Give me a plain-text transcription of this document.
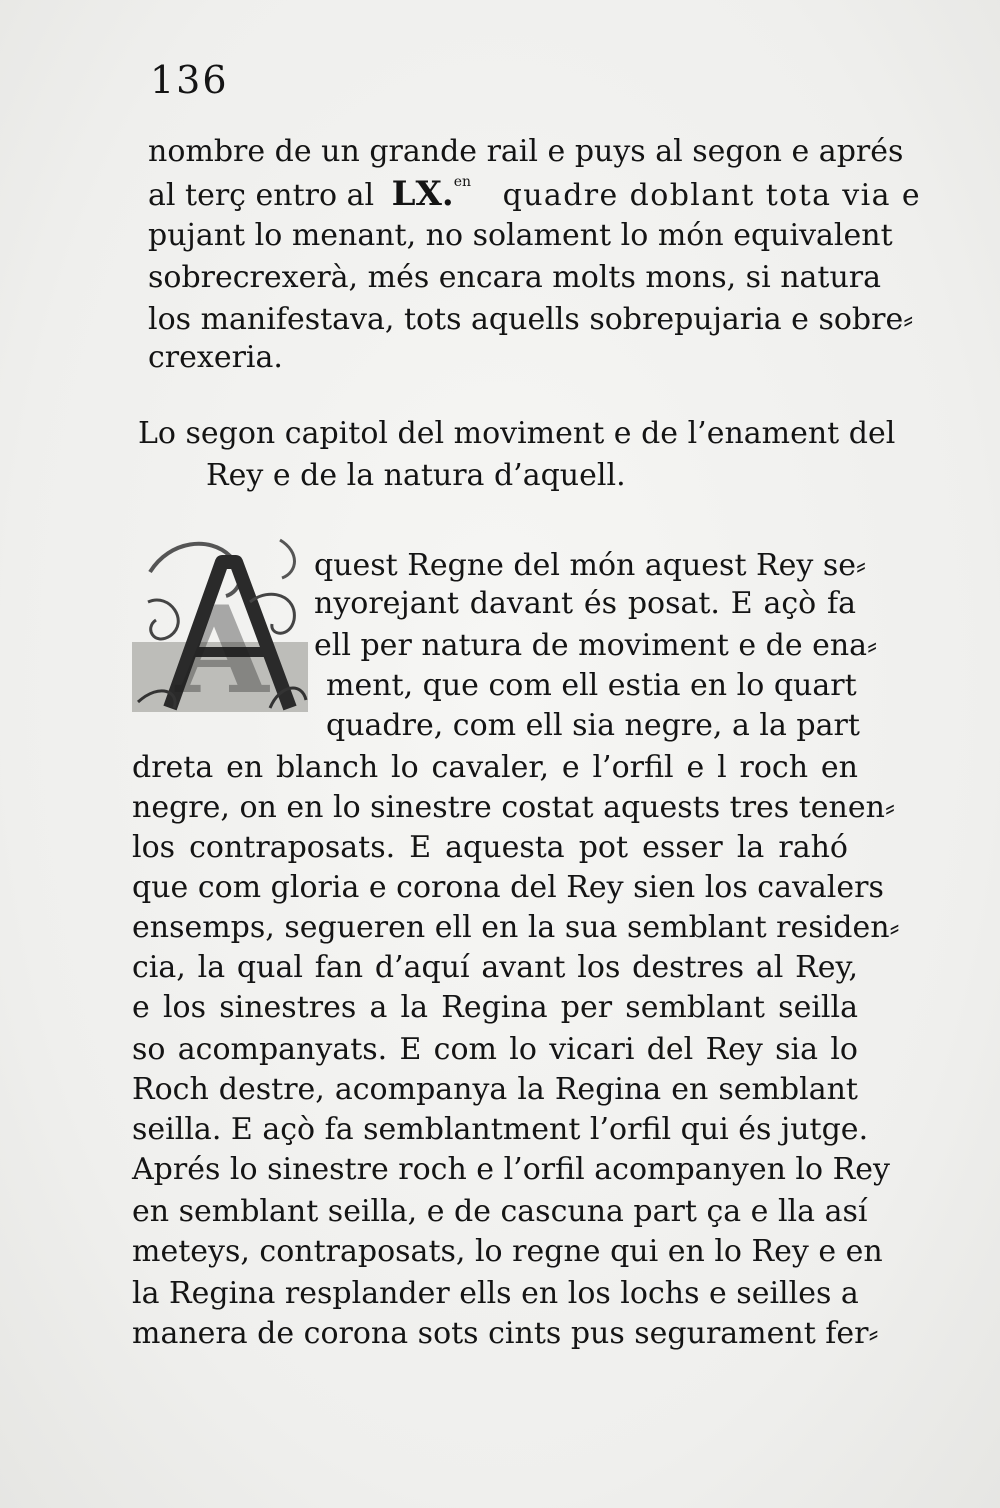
136
nombre de un grande rail e puys al segon e aprés
al terç entro al LX.$^{en}$ quadre doblant tota via e
pujant lo menant, no solament lo món equivalent
sobrecrexerà, més encara molts mons, si natura
los manifestava, tots aquells sobrepujaria e sobre⸗
crexeria.
Lo segon capitol del moviment e de l’enament del
Rey e de la natura d’aquell.
A
quest Regne del món aquest Rey se⸗
nyorejant davant és posat. E açò fa
ell per natura de moviment e de ena⸗
ment, que com ell estia en lo quart
quadre, com ell sia negre, a la part
dreta en blanch lo cavaler, e l’orfil e l roch en
negre, on en lo sinestre costat aquests tres tenen⸗
los contraposats. E aquesta pot esser la rahó
que com gloria e corona del Rey sien los cavalers
ensemps, segueren ell en la sua semblant residen⸗
cia, la qual fan d’aquí avant los destres al Rey,
e los sinestres a la Regina per semblant seilla
so acompanyats. E com lo vicari del Rey sia lo
Roch destre, acompanya la Regina en semblant
seilla. E açò fa semblantment l’orfil qui és jutge.
Aprés lo sinestre roch e l’orfil acompanyen lo Rey
en semblant seilla, e de cascuna part ça e lla así
meteys, contraposats, lo regne qui en lo Rey e en
la Regina resplander ells en los lochs e seilles a
manera de corona sots cints pus segurament fer⸗
